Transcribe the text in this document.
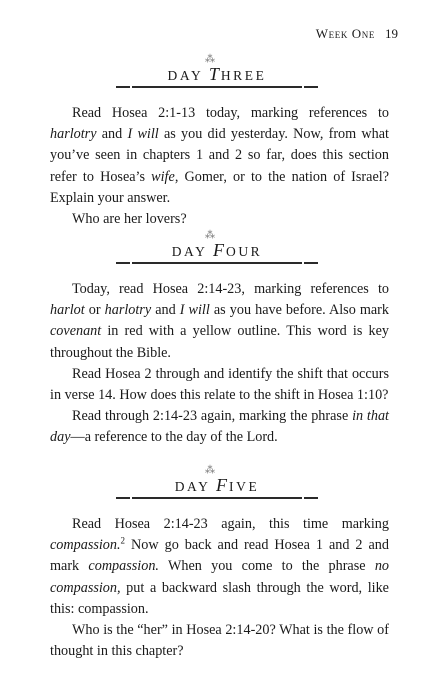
Week One 19
⁂
DAY THREE

Read Hosea 2:1-13 today, marking references to harlotry and I will as you did yesterday. Now, from what you’ve seen in chapters 1 and 2 so far, does this section refer to Hosea’s wife, Gomer, or to the nation of Israel? Explain your answer.

Who are her lovers?

⁂
DAY FOUR

Today, read Hosea 2:14-23, marking references to harlot or harlotry and I will as you have before. Also mark covenant in red with a yellow outline. This word is key throughout the Bible.

Read Hosea 2 through and identify the shift that occurs in verse 14. How does this relate to the shift in Hosea 1:10?

Read through 2:14-23 again, marking the phrase in that day—a reference to the day of the Lord.

⁂
DAY FIVE

Read Hosea 2:14-23 again, this time marking compassion.$^2$ Now go back and read Hosea 1 and 2 and mark compassion. When you come to the phrase no compassion, put a backward slash through the word, like this: compassion.

Who is the “her” in Hosea 2:14-20? What is the flow of thought in this chapter?
